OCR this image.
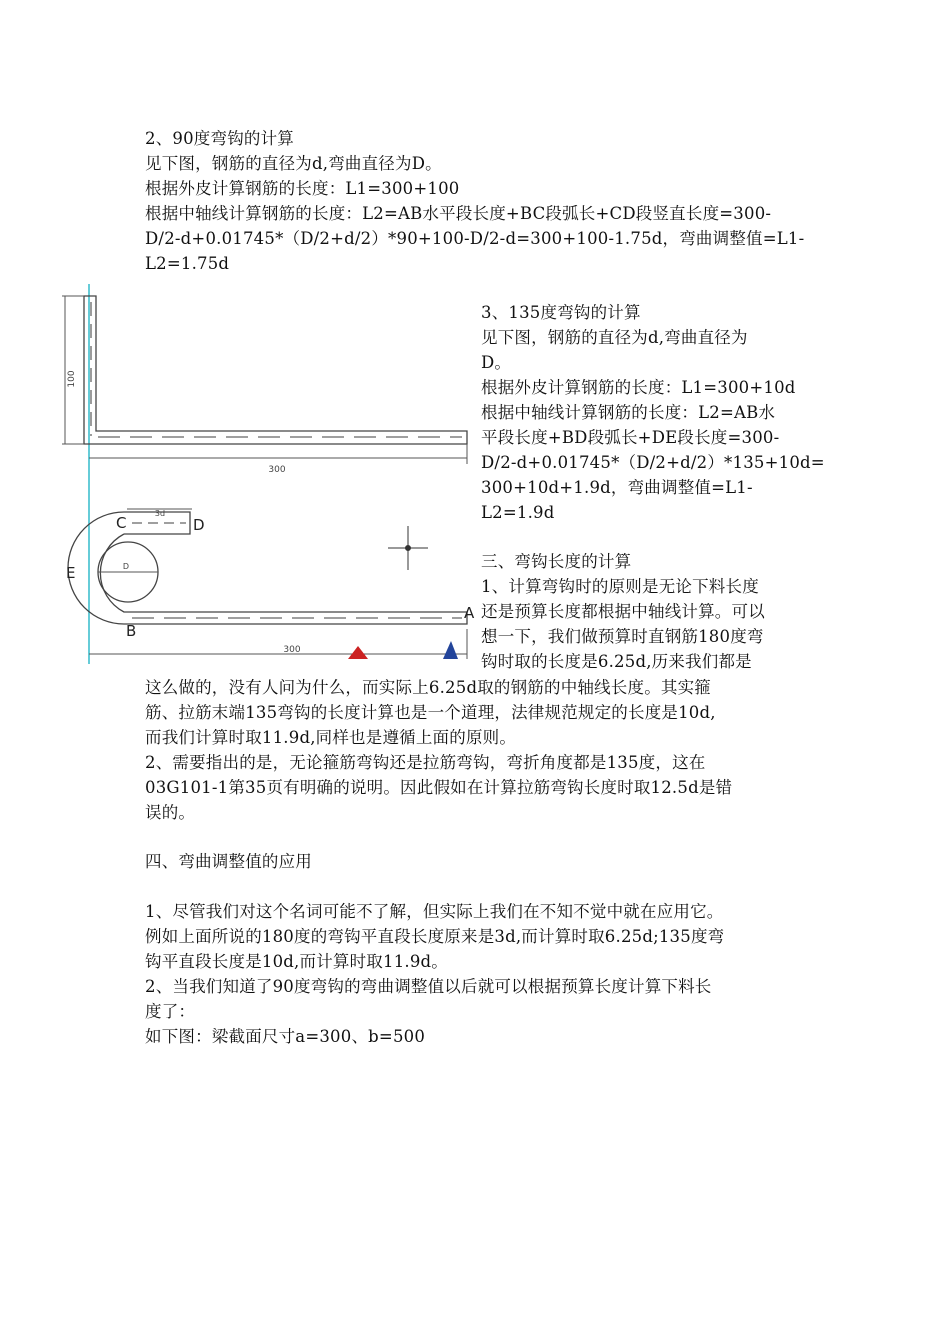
2、90度弯钩的计算
见下图，钢筋的直径为d,弯曲直径为D。
根据外皮计算钢筋的长度：L1=300+100
根据中轴线计算钢筋的长度：L2=AB水平段长度+BC段弧长+CD段竖直长度=300-
D/2-d+0.01745*（D/2+d/2）*90+100-D/2-d=300+100-1.75d，弯曲调整值=L1-
L2=1.75d
100
300
3d
D
300
A
B
C	D
E
3、135度弯钩的计算
见下图，钢筋的直径为d,弯曲直径为
D。
根据外皮计算钢筋的长度：L1=300+10d
根据中轴线计算钢筋的长度：L2=AB水
平段长度+BD段弧长+DE段长度=300-
D/2-d+0.01745*（D/2+d/2）*135+10d=
300+10d+1.9d，弯曲调整值=L1-
L2=1.9d
三、弯钩长度的计算
1、计算弯钩时的原则是无论下料长度
还是预算长度都根据中轴线计算。可以
想一下，我们做预算时直钢筋180度弯
钩时取的长度是6.25d,历来我们都是
这么做的，没有人问为什么，而实际上6.25d取的钢筋的中轴线长度。其实箍
筋、拉筋末端135弯钩的长度计算也是一个道理，法律规范规定的长度是10d,
而我们计算时取11.9d,同样也是遵循上面的原则。
2、需要指出的是，无论箍筋弯钩还是拉筋弯钩，弯折角度都是135度，这在
03G101-1第35页有明确的说明。因此假如在计算拉筋弯钩长度时取12.5d是错
误的。
四、弯曲调整值的应用
1、尽管我们对这个名词可能不了解，但实际上我们在不知不觉中就在应用它。
例如上面所说的180度的弯钩平直段长度原来是3d,而计算时取6.25d;135度弯
钩平直段长度是10d,而计算时取11.9d。
2、当我们知道了90度弯钩的弯曲调整值以后就可以根据预算长度计算下料长
度了：
如下图：梁截面尺寸a=300、b=500
